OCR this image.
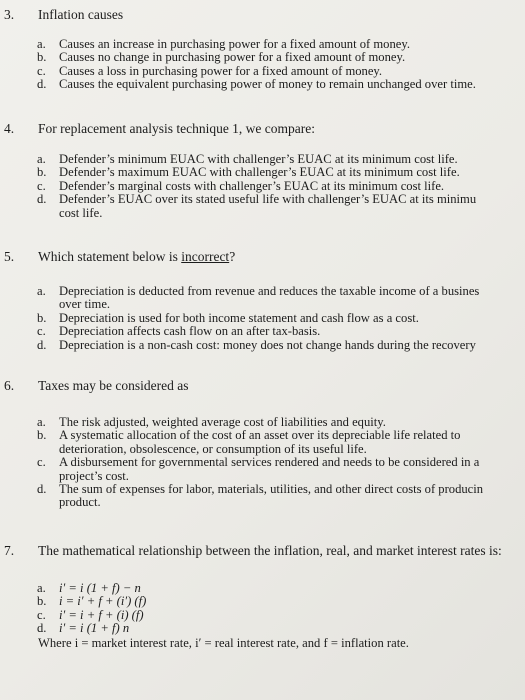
3. Inflation causes
a. Causes an increase in purchasing power for a fixed amount of money.
b. Causes no change in purchasing power for a fixed amount of money.
c. Causes a loss in purchasing power for a fixed amount of money.
d. Causes the equivalent purchasing power of money to remain unchanged over time.
4. For replacement analysis technique 1, we compare:
a. Defender’s minimum EUAC with challenger’s EUAC at its minimum cost life.
b. Defender’s maximum EUAC with challenger’s EUAC at its minimum cost life.
c. Defender’s marginal costs with challenger’s EUAC at its minimum cost life.
d. Defender’s EUAC over its stated useful life with challenger’s EUAC at its minimu
cost life.
5. Which statement below is incorrect?
a. Depreciation is deducted from revenue and reduces the taxable income of a busines
over time.
b. Depreciation is used for both income statement and cash flow as a cost.
c. Depreciation affects cash flow on an after tax-basis.
d. Depreciation is a non-cash cost: money does not change hands during the recovery
6. Taxes may be considered as
a. The risk adjusted, weighted average cost of liabilities and equity.
b. A systematic allocation of the cost of an asset over its depreciable life related to
deterioration, obsolescence, or consumption of its useful life.
c. A disbursement for governmental services rendered and needs to be considered in a
project’s cost.
d. The sum of expenses for labor, materials, utilities, and other direct costs of producin
product.
7. The mathematical relationship between the inflation, real, and market interest rates is:
a. i′ = i (1 + f) − n
b. i = i′ + f + (i′) (f)
c. i′ = i + f + (i) (f)
d. i′ = i (1 + f) n
Where i = market interest rate, i′ = real interest rate, and f = inflation rate.
